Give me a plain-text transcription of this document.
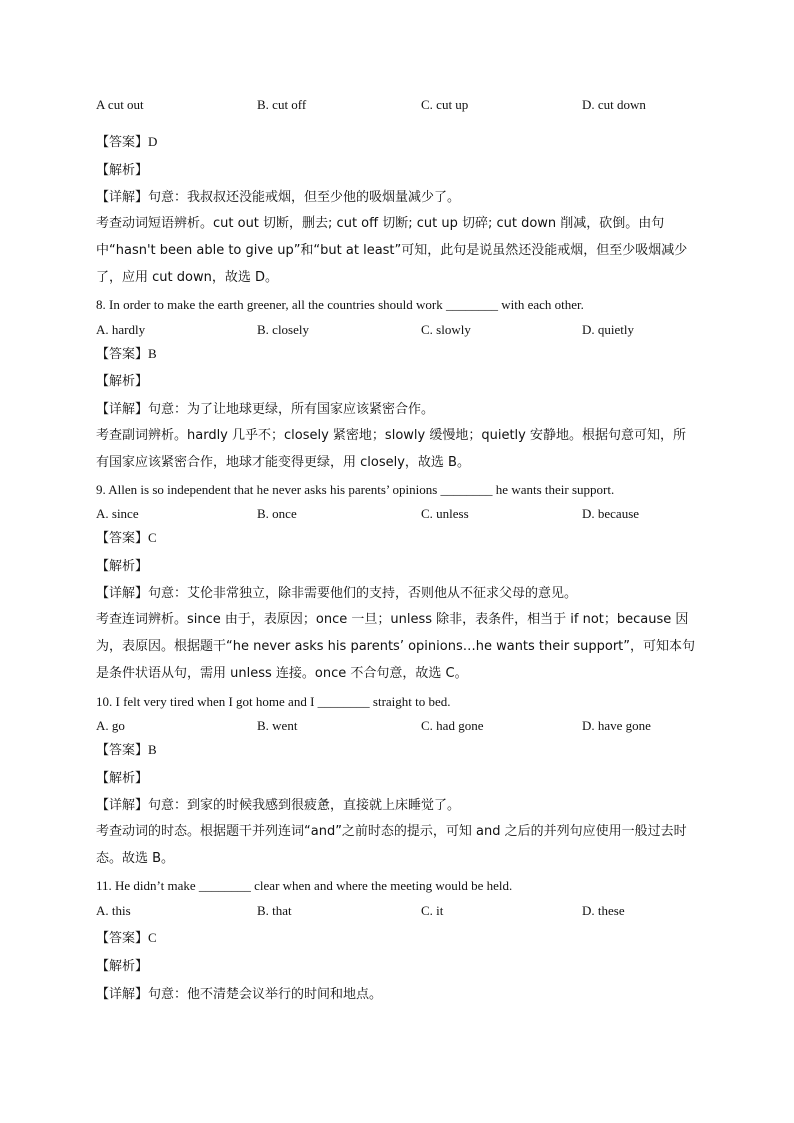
A cut out	B. cut off	C. cut up	D. cut down
【答案】D
【解析】
【详解】句意：我叔叔还没能戒烟，但至少他的吸烟量减少了。
考查动词短语辨析。cut out 切断，删去; cut off 切断; cut up 切碎; cut down 削减，砍倒。由句中“hasn't been able to give up”和“but at least”可知，此句是说虽然还没能戒烟，但至少吸烟减少了，应用 cut down，故选 D。
8. In order to make the earth greener, all the countries should work ________ with each other.
A. hardly	B. closely	C. slowly	D. quietly
【答案】B
【解析】
【详解】句意：为了让地球更绿，所有国家应该紧密合作。
考查副词辨析。hardly 几乎不；closely 紧密地；slowly 缓慢地；quietly 安静地。根据句意可知，所有国家应该紧密合作，地球才能变得更绿，用 closely，故选 B。
9. Allen is so independent that he never asks his parents’ opinions ________ he wants their support.
A. since	B. once	C. unless	D. because
【答案】C
【解析】
【详解】句意：艾伦非常独立，除非需要他们的支持，否则他从不征求父母的意见。
考查连词辨析。since 由于，表原因；once 一旦；unless 除非，表条件，相当于 if not；because 因为，表原因。根据题干“he never asks his parents’ opinions…he wants their support”，可知本句是条件状语从句，需用 unless 连接。once 不合句意，故选 C。
10. I felt very tired when I got home and I ________ straight to bed.
A. go	B. went	C. had gone	D. have gone
【答案】B
【解析】
【详解】句意：到家的时候我感到很疲惫，直接就上床睡觉了。
考查动词的时态。根据题干并列连词“and”之前时态的提示，可知 and 之后的并列句应使用一般过去时态。故选 B。
11. He didn’t make ________ clear when and where the meeting would be held.
A. this	B. that	C. it	D. these
【答案】C
【解析】
【详解】句意：他不清楚会议举行的时间和地点。
